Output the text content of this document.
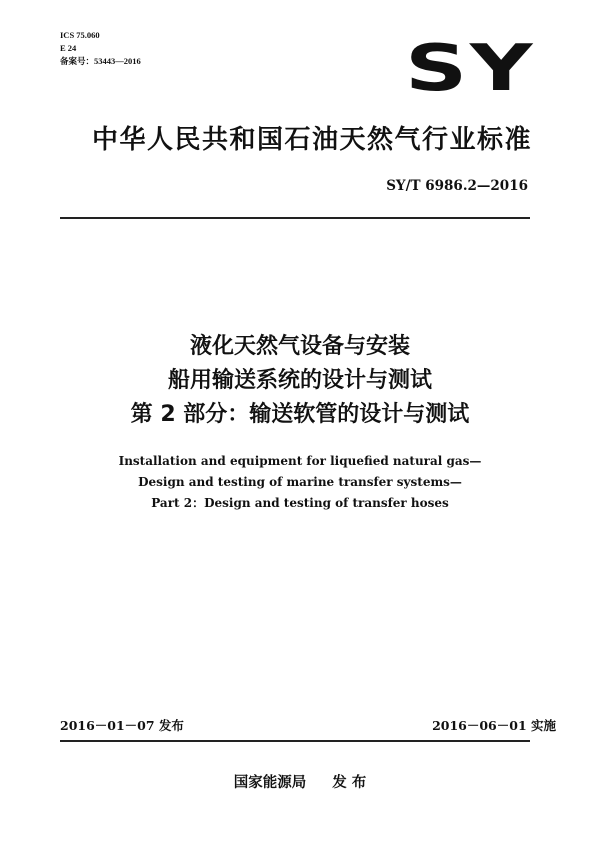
ICS 75.060
E 24
备案号：53443—2016	SY
中华人民共和国石油天然气行业标准
SY/T 6986.2—2016
液化天然气设备与安装
船用输送系统的设计与测试
第 2 部分：输送软管的设计与测试
Installation and equipment for liquefied natural gas—
Design and testing of marine transfer systems—
Part 2：Design and testing of transfer hoses
2016－01－07 发布	2016－06－01 实施
国家能源局 发 布
